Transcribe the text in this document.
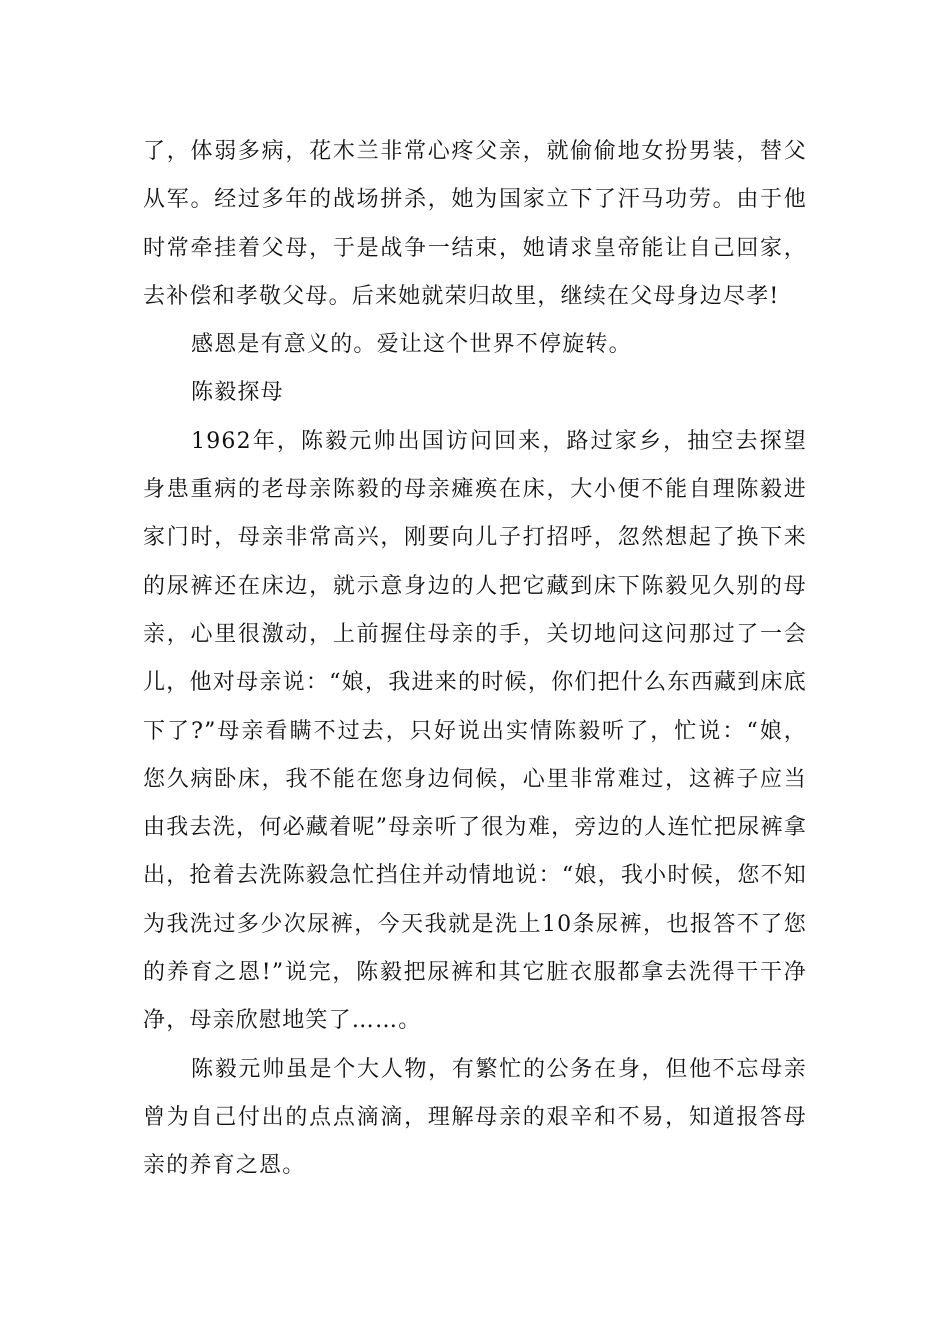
了，体弱多病，花木兰非常心疼父亲，就偷偷地女扮男装，替父从军。经过多年的战场拼杀，她为国家立下了汗马功劳。由于他时常牵挂着父母，于是战争一结束，她请求皇帝能让自己回家，去补偿和孝敬父母。后来她就荣归故里，继续在父母身边尽孝!

感恩是有意义的。爱让这个世界不停旋转。

陈毅探母

1962年，陈毅元帅出国访问回来，路过家乡，抽空去探望身患重病的老母亲陈毅的母亲瘫痪在床，大小便不能自理陈毅进家门时，母亲非常高兴，刚要向儿子打招呼，忽然想起了换下来的尿裤还在床边，就示意身边的人把它藏到床下陈毅见久别的母亲，心里很激动，上前握住母亲的手，关切地问这问那过了一会儿，他对母亲说：“娘，我进来的时候，你们把什么东西藏到床底下了?”母亲看瞒不过去，只好说出实情陈毅听了，忙说：“娘，您久病卧床，我不能在您身边伺候，心里非常难过，这裤子应当由我去洗，何必藏着呢”母亲听了很为难，旁边的人连忙把尿裤拿出，抢着去洗陈毅急忙挡住并动情地说：“娘，我小时候，您不知为我洗过多少次尿裤，今天我就是洗上10条尿裤，也报答不了您的养育之恩!”说完，陈毅把尿裤和其它脏衣服都拿去洗得干干净净，母亲欣慰地笑了……。

陈毅元帅虽是个大人物，有繁忙的公务在身，但他不忘母亲曾为自己付出的点点滴滴，理解母亲的艰辛和不易，知道报答母亲的养育之恩。
